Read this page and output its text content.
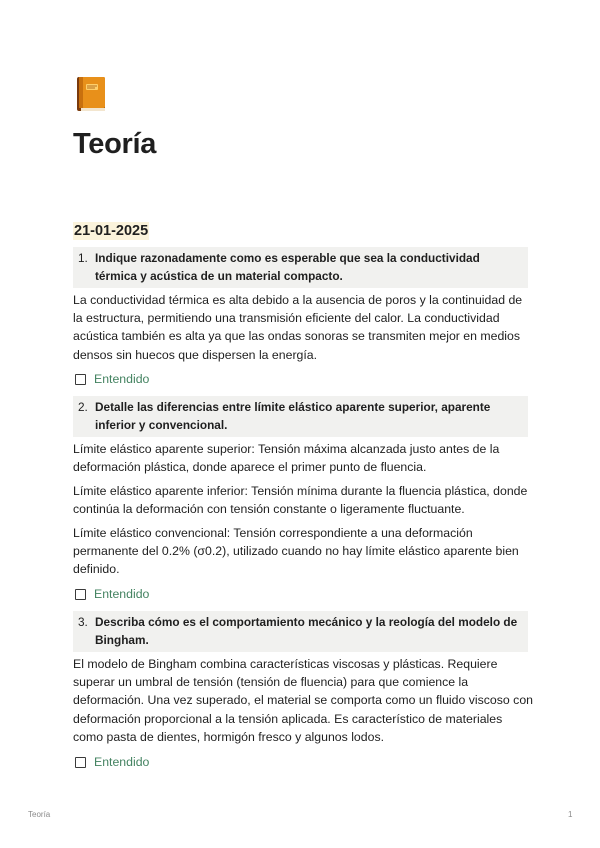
Teoría
21-01-2025
1. Indique razonadamente como es esperable que sea la conductividad térmica y acústica de un material compacto.

La conductividad térmica es alta debido a la ausencia de poros y la continuidad de la estructura, permitiendo una transmisión eficiente del calor. La conductividad acústica también es alta ya que las ondas sonoras se transmiten mejor en medios densos sin huecos que dispersen la energía.

Entendido
2. Detalle las diferencias entre límite elástico aparente superior, aparente inferior y convencional.

Límite elástico aparente superior: Tensión máxima alcanzada justo antes de la deformación plástica, donde aparece el primer punto de fluencia.

Límite elástico aparente inferior: Tensión mínima durante la fluencia plástica, donde continúa la deformación con tensión constante o ligeramente fluctuante.

Límite elástico convencional: Tensión correspondiente a una deformación permanente del 0.2% (σ0.2), utilizado cuando no hay límite elástico aparente bien definido.

Entendido
3. Describa cómo es el comportamiento mecánico y la reología del modelo de Bingham.

El modelo de Bingham combina características viscosas y plásticas. Requiere superar un umbral de tensión (tensión de fluencia) para que comience la deformación. Una vez superado, el material se comporta como un fluido viscoso con deformación proporcional a la tensión aplicada. Es característico de materiales como pasta de dientes, hormigón fresco y algunos lodos.

Entendido
Teoría	1
